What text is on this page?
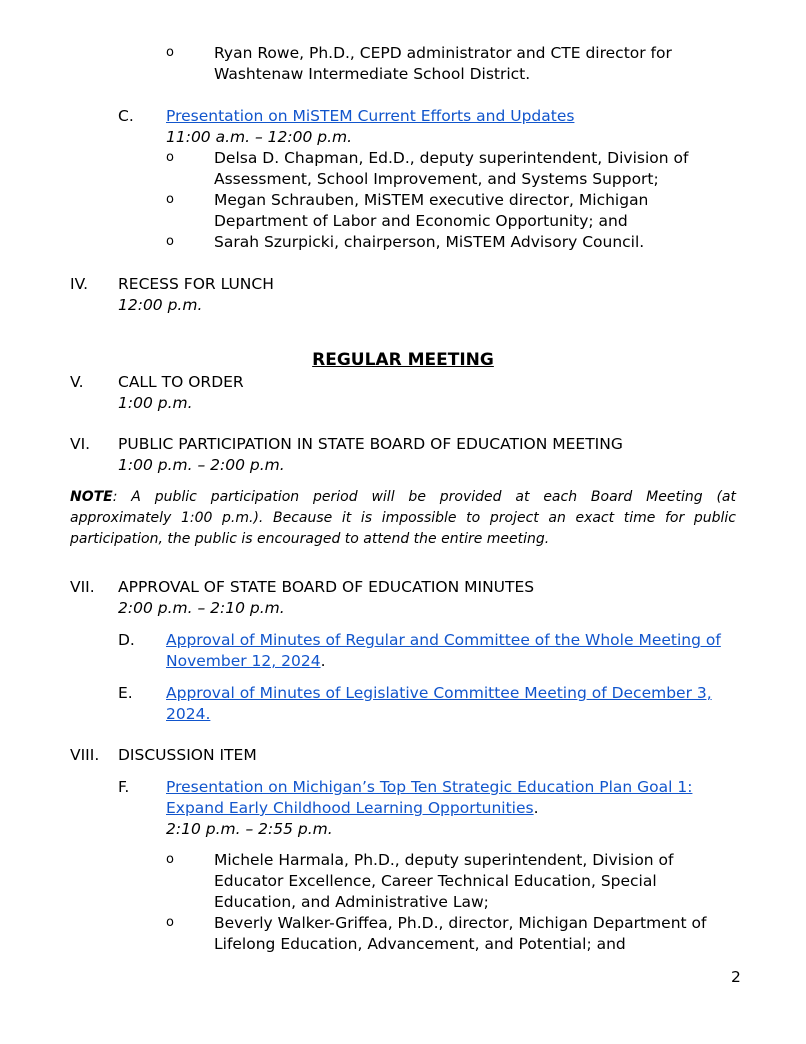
o	Ryan Rowe, Ph.D., CEPD administrator and CTE director for
Washtenaw Intermediate School District.
C. Presentation on MiSTEM Current Efforts and Updates
11:00 a.m. – 12:00 p.m.
o	Delsa D. Chapman, Ed.D., deputy superintendent, Division of
Assessment, School Improvement, and Systems Support;
o	Megan Schrauben, MiSTEM executive director, Michigan
Department of Labor and Economic Opportunity; and
o	Sarah Szurpicki, chairperson, MiSTEM Advisory Council.
IV. RECESS FOR LUNCH
12:00 p.m.
REGULAR MEETING
V. CALL TO ORDER
1:00 p.m.
VI. PUBLIC PARTICIPATION IN STATE BOARD OF EDUCATION MEETING
1:00 p.m. – 2:00 p.m.
NOTE: A public participation period will be provided at each Board Meeting (at
approximately 1:00 p.m.). Because it is impossible to project an exact time for public
participation, the public is encouraged to attend the entire meeting.
VII. APPROVAL OF STATE BOARD OF EDUCATION MINUTES
2:00 p.m. – 2:10 p.m.
D. Approval of Minutes of Regular and Committee of the Whole Meeting of
November 12, 2024.
E. Approval of Minutes of Legislative Committee Meeting of December 3,
2024.
VIII. DISCUSSION ITEM
F. Presentation on Michigan’s Top Ten Strategic Education Plan Goal 1:
Expand Early Childhood Learning Opportunities.
2:10 p.m. – 2:55 p.m.
o	Michele Harmala, Ph.D., deputy superintendent, Division of
Educator Excellence, Career Technical Education, Special
Education, and Administrative Law;
o	Beverly Walker-Griffea, Ph.D., director, Michigan Department of
Lifelong Education, Advancement, and Potential; and
2
